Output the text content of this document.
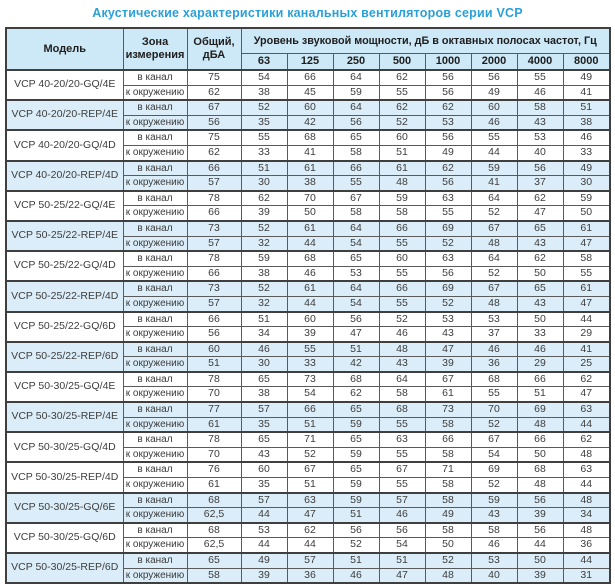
Акустические характеристики канальных вентиляторов серии VCP
Модель	Зона измерения	Общий, дБА	Уровень звуковой мощности, дБ в октавных полосах частот, Гц							
			63	125	250	500	1000	2000	4000	8000
VCP 40-20/20-GQ/4E	в канал	75	54	66	64	62	56	56	55	49
	к окружению	62	38	45	59	55	56	49	46	41
VCP 40-20/20-REP/4E	в канал	67	52	60	64	62	62	60	58	51
	к окружению	56	35	42	56	52	53	46	43	38
VCP 40-20/20-GQ/4D	в канал	75	55	68	65	60	56	55	53	46
	к окружению	62	33	41	58	51	49	44	40	33
VCP 40-20/20-REP/4D	в канал	66	51	61	66	61	62	59	56	49
	к окружению	57	30	38	55	48	56	41	37	30
VCP 50-25/22-GQ/4E	в канал	78	62	70	67	59	63	64	62	59
	к окружению	66	39	50	58	58	55	52	47	50
VCP 50-25/22-REP/4E	в канал	73	52	61	64	66	69	67	65	61
	к окружению	57	32	44	54	55	52	48	43	47
VCP 50-25/22-GQ/4D	в канал	78	59	68	65	60	63	64	62	58
	к окружению	66	38	46	53	55	56	52	50	55
VCP 50-25/22-REP/4D	в канал	73	52	61	64	66	69	67	65	61
	к окружению	57	32	44	54	55	52	48	43	47
VCP 50-25/22-GQ/6D	в канал	66	51	60	56	52	53	53	50	44
	к окружению	56	34	39	47	46	43	37	33	29
VCP 50-25/22-REP/6D	в канал	60	46	55	51	48	47	46	46	41
	к окружению	51	30	33	42	43	39	36	29	25
VCP 50-30/25-GQ/4E	в канал	78	65	73	68	64	67	68	66	62
	к окружению	70	38	54	62	58	61	55	51	47
VCP 50-30/25-REP/4E	в канал	77	57	66	65	68	73	70	69	63
	к окружению	61	35	51	59	55	58	52	48	44
VCP 50-30/25-GQ/4D	в канал	78	65	71	65	63	66	67	66	62
	к окружению	70	43	52	59	55	58	54	50	48
VCP 50-30/25-REP/4D	в канал	76	60	67	65	67	71	69	68	63
	к окружению	61	35	51	59	55	58	52	48	44
VCP 50-30/25-GQ/6E	в канал	68	57	63	59	57	58	59	56	48
	к окружению	62,5	44	47	51	46	49	43	39	34
VCP 50-30/25-GQ/6D	в канал	68	53	62	56	56	58	58	56	48
	к окружению	62,5	44	44	52	54	50	46	44	36
VCP 50-30/25-REP/6D	в канал	65	49	57	51	51	52	53	50	44
	к окружению	58	39	36	46	47	48	40	39	31
